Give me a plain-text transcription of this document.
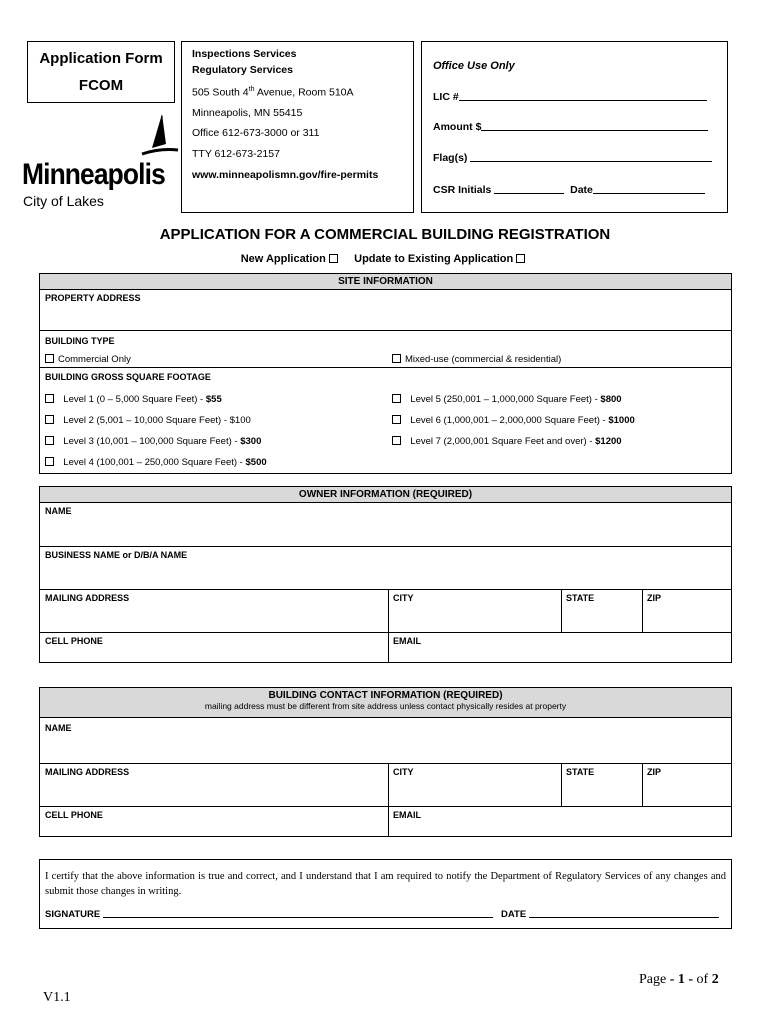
Application Form
FCOM
Minneapolis
City of Lakes
Inspections Services
Regulatory Services
505 South 4th Avenue, Room 510A
Minneapolis, MN 55415
Office 612-673-3000 or 311
TTY 612-673-2157
www.minneapolismn.gov/fire-permits
Office Use Only
LIC #
Amount $
Flag(s)
CSR Initials	Date
APPLICATION FOR A COMMERCIAL BUILDING REGISTRATION
New Application	Update to Existing Application
SITE INFORMATION
PROPERTY ADDRESS
BUILDING TYPE
Commercial Only	Mixed-use (commercial & residential)
BUILDING GROSS SQUARE FOOTAGE
Level 1 (0 – 5,000 Square Feet) - $55
Level 2 (5,001 – 10,000 Square Feet) - $100
Level 3 (10,001 – 100,000 Square Feet) - $300
Level 4 (100,001 – 250,000 Square Feet) - $500
Level 5 (250,001 – 1,000,000 Square Feet) - $800
Level 6 (1,000,001 – 2,000,000 Square Feet) - $1000
Level 7 (2,000,001 Square Feet and over) - $1200
OWNER INFORMATION (REQUIRED)
NAME
BUSINESS NAME or D/B/A NAME
MAILING ADDRESS	CITY	STATE	ZIP
CELL PHONE	EMAIL
BUILDING CONTACT INFORMATION (REQUIRED)
mailing address must be different from site address unless contact physically resides at property
NAME
MAILING ADDRESS	CITY	STATE	ZIP
CELL PHONE	EMAIL
I certify that the above information is true and correct, and I understand that I am required to notify the Department of Regulatory Services of any changes and submit those changes in writing.
SIGNATURE	DATE
Page - 1 - of 2
V1.1
